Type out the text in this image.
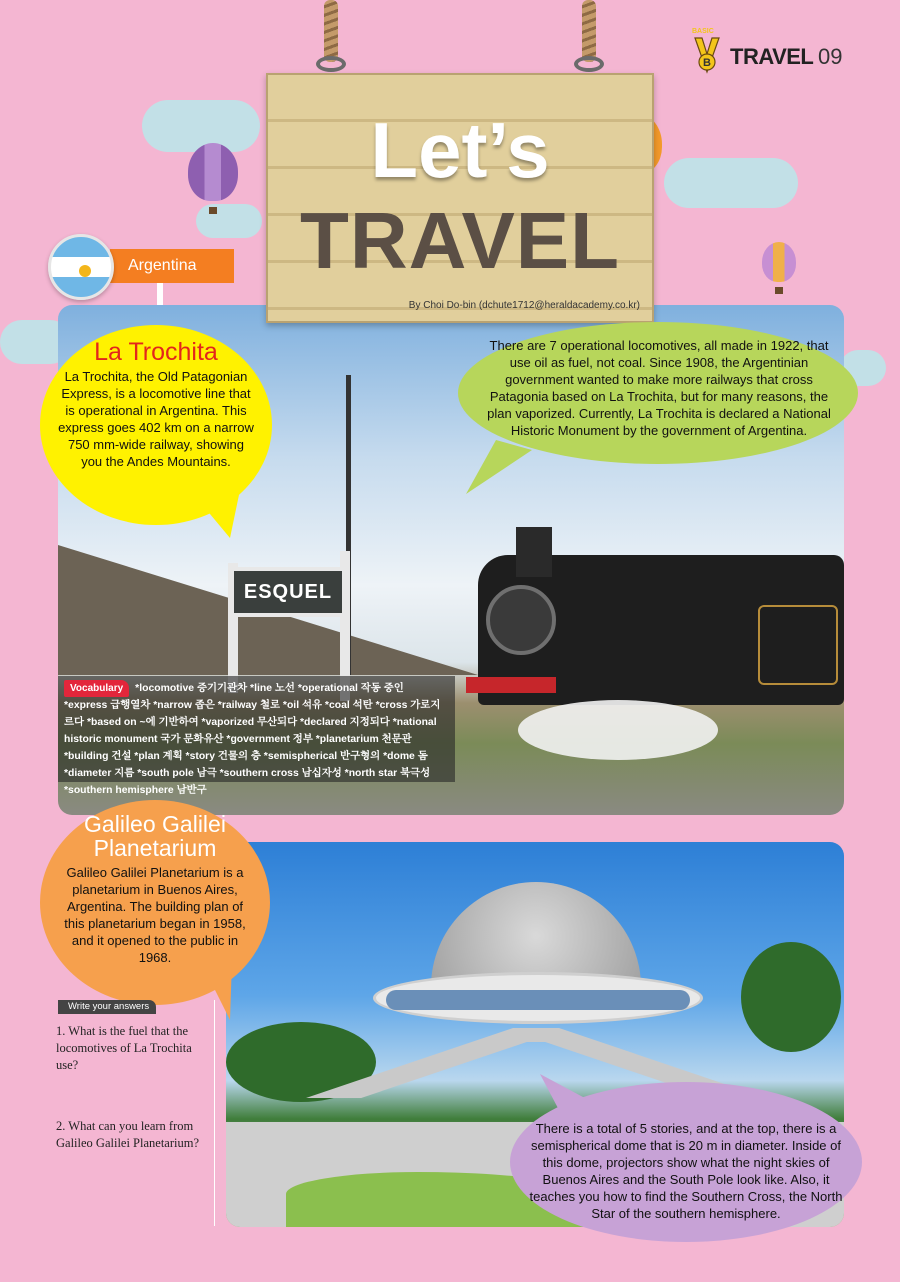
B
BASIC
TRAVEL 09
ESQUEL
Let’s
TRAVEL
By Choi Do-bin (dchute1712@heraldacademy.co.kr)
Argentina
La Trochita
La Trochita, the Old Patagonian Express, is a locomotive line that is operational in Argentina. This express goes 402 km on a narrow 750 mm-wide railway, showing you the Andes Mountains.
There are 7 operational locomotives, all made in 1922, that use oil as fuel, not coal. Since 1908, the Argentinian government wanted to make more railways that cross Patagonia based on La Trochita, but for many reasons, the plan vaporized. Currently, La Trochita is declared a National Historic Monument by the government of Argentina.
Vocabulary *locomotive 증기기관차 *line 노선 *operational 작동 중인 *express 급행열차 *narrow 좁은 *railway 철로 *oil 석유 *coal 석탄 *cross 가로지르다 *based on ~에 기반하여 *vaporized 무산되다 *declared 지정되다 *national historic monument 국가 문화유산 *government 정부 *planetarium 천문관 *building 건설 *plan 계획 *story 건물의 층 *semispherical 반구형의 *dome 돔 *diameter 지름 *south pole 남극 *southern cross 남십자성 *north star 북극성 *southern hemisphere 남반구
Galileo Galilei
Planetarium
Galileo Galilei Planetarium is a planetarium in Buenos Aires, Argentina. The building plan of this planetarium began in 1958, and it opened to the public in 1968.
There is a total of 5 stories, and at the top, there is a semispherical dome that is 20 m in diameter. Inside of this dome, projectors show what the night skies of Buenos Aires and the South Pole look like. Also, it teaches you how to find the Southern Cross, the North Star of the southern hemisphere.
Write your answers
1. What is the fuel that the locomotives of La Trochita use?
2. What can you learn from Galileo Galilei Planetarium?
